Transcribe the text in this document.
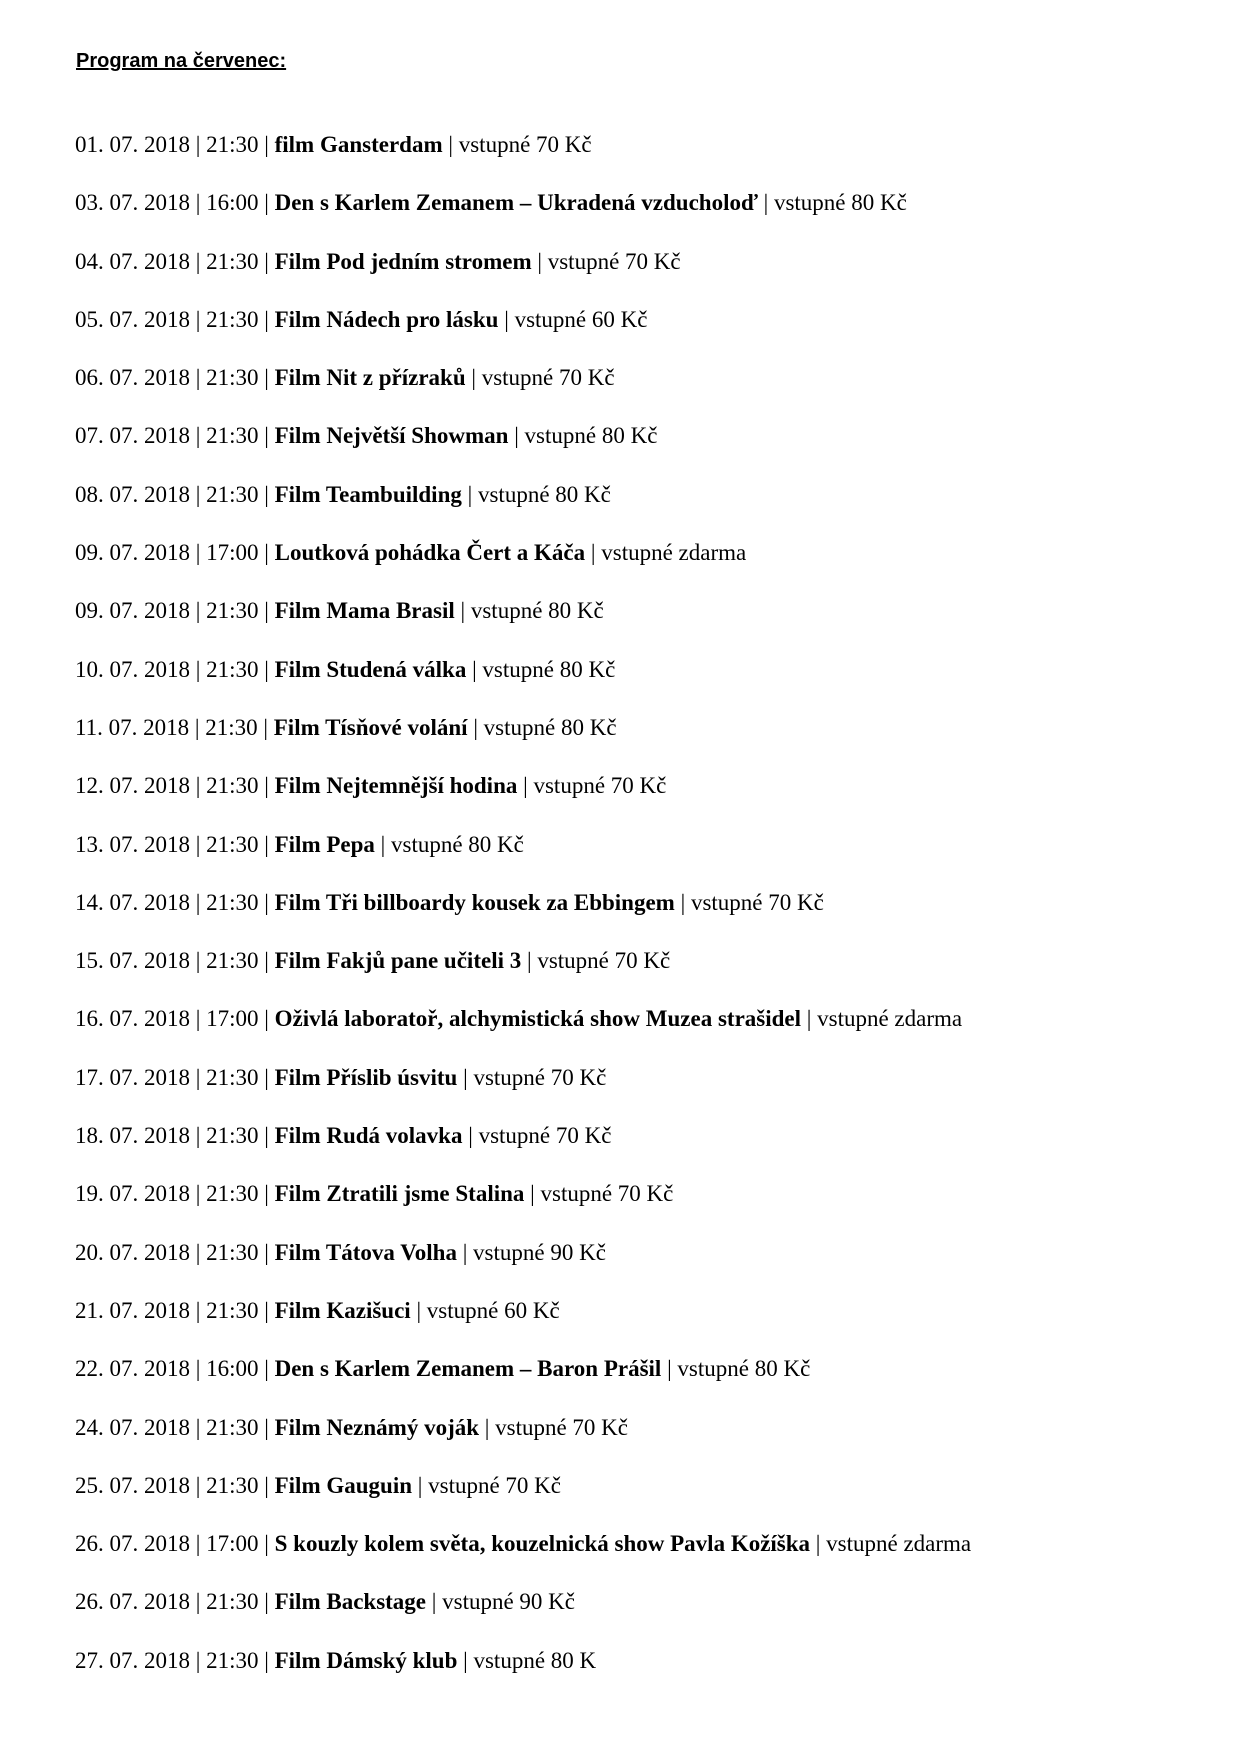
Program na červenec:
01. 07. 2018 | 21:30 | film Gansterdam | vstupné 70 Kč
03. 07. 2018 | 16:00 | Den s Karlem Zemanem – Ukradená vzducholoď | vstupné 80 Kč
04. 07. 2018 | 21:30 | Film Pod jedním stromem | vstupné 70 Kč
05. 07. 2018 | 21:30 | Film Nádech pro lásku | vstupné 60 Kč
06. 07. 2018 | 21:30 | Film Nit z přízraků | vstupné 70 Kč
07. 07. 2018 | 21:30 | Film Největší Showman | vstupné 80 Kč
08. 07. 2018 | 21:30 | Film Teambuilding | vstupné 80 Kč
09. 07. 2018 | 17:00 | Loutková pohádka Čert a Káča | vstupné zdarma
09. 07. 2018 | 21:30 | Film Mama Brasil | vstupné 80 Kč
10. 07. 2018 | 21:30 | Film Studená válka | vstupné 80 Kč
11. 07. 2018 | 21:30 | Film Tísňové volání | vstupné 80 Kč
12. 07. 2018 | 21:30 | Film Nejtemnější hodina | vstupné 70 Kč
13. 07. 2018 | 21:30 | Film Pepa | vstupné 80 Kč
14. 07. 2018 | 21:30 | Film Tři billboardy kousek za Ebbingem | vstupné 70 Kč
15. 07. 2018 | 21:30 | Film Fakjů pane učiteli 3 | vstupné 70 Kč
16. 07. 2018 | 17:00 | Oživlá laboratoř, alchymistická show Muzea strašidel | vstupné zdarma
17. 07. 2018 | 21:30 | Film Příslib úsvitu | vstupné 70 Kč
18. 07. 2018 | 21:30 | Film Rudá volavka | vstupné 70 Kč
19. 07. 2018 | 21:30 | Film Ztratili jsme Stalina | vstupné 70 Kč
20. 07. 2018 | 21:30 | Film Tátova Volha | vstupné 90 Kč
21. 07. 2018 | 21:30 | Film Kazišuci | vstupné 60 Kč
22. 07. 2018 | 16:00 | Den s Karlem Zemanem – Baron Prášil | vstupné 80 Kč
24. 07. 2018 | 21:30 | Film Neznámý voják | vstupné 70 Kč
25. 07. 2018 | 21:30 | Film Gauguin | vstupné 70 Kč
26. 07. 2018 | 17:00 | S kouzly kolem světa, kouzelnická show Pavla Kožíška | vstupné zdarma
26. 07. 2018 | 21:30 | Film Backstage | vstupné 90 Kč
27. 07. 2018 | 21:30 | Film Dámský klub | vstupné 80 K
